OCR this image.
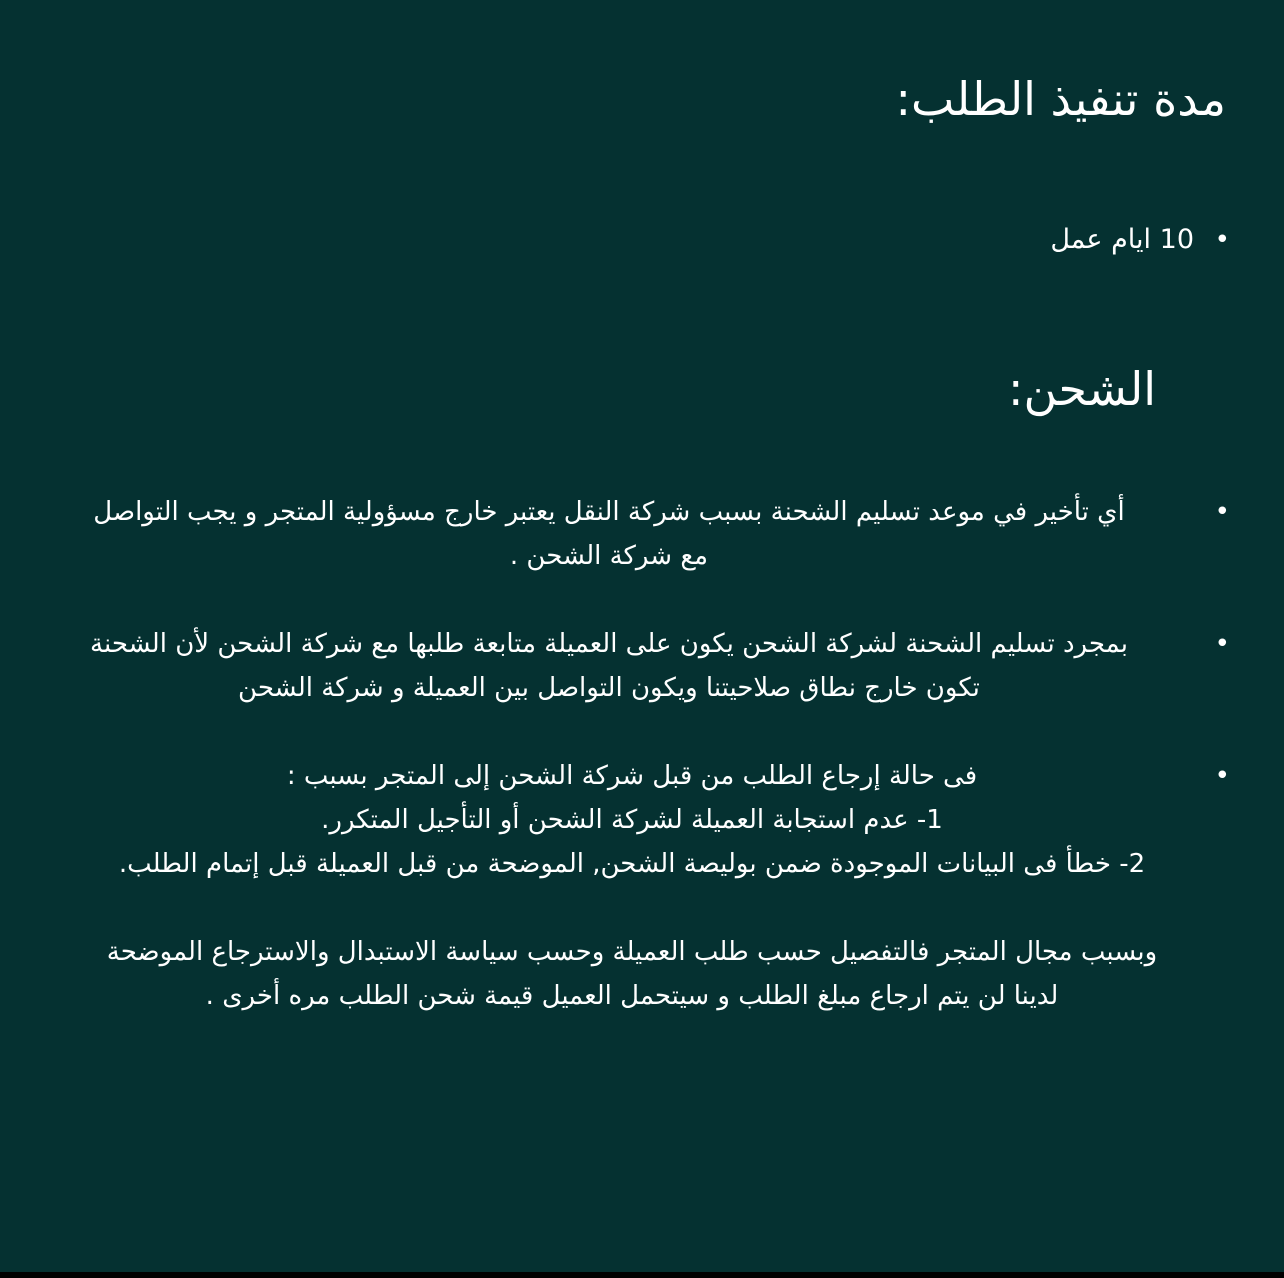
مدة تنفيذ الطلب:
•
10 ايام عمل
الشحن:
•
أي تأخير في موعد تسليم الشحنة بسبب شركة النقل يعتبر خارج مسؤولية المتجر و يجب التواصل
مع شركة الشحن .
•
بمجرد تسليم الشحنة لشركة الشحن يكون على العميلة متابعة طلبها مع شركة الشحن لأن الشحنة
تكون خارج نطاق صلاحيتنا ويكون التواصل بين العميلة و شركة الشحن
•
فى حالة إرجاع الطلب من قبل شركة الشحن إلى المتجر بسبب :
1- عدم استجابة العميلة لشركة الشحن أو التأجيل المتكرر.
2- خطأ فى البيانات الموجودة ضمن بوليصة الشحن, الموضحة من قبل العميلة قبل إتمام الطلب.

وبسبب مجال المتجر فالتفصيل حسب طلب العميلة وحسب سياسة الاستبدال والاسترجاع الموضحة
لدينا لن يتم ارجاع مبلغ الطلب و سيتحمل العميل قيمة شحن الطلب مره أخرى .
